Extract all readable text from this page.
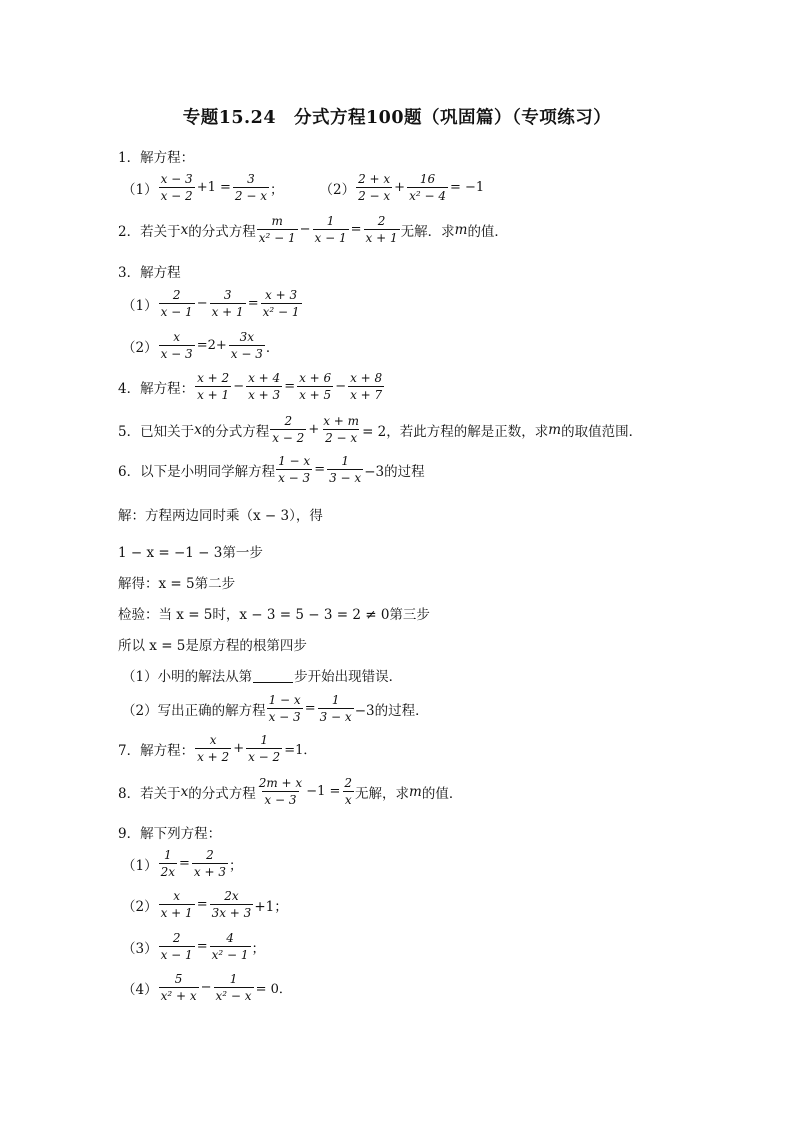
专题15.24　分式方程100题（巩固篇）（专项练习）
1．解方程：
$(1) \frac{x - 3}{x - 2} +1 = \frac{3}{2 - x}$ ；	$(2) \frac{2 + x}{2 - x} + \frac{16}{\text{x² − 4}} = -1$
2．若关于 x 的分式方程 $\frac{m}{\text{x² − 1}} - \frac{1}{x - 1} = \frac{2}{x + 1}$ 无解．求 m 的值．
3．解方程
$(1) \frac{2}{x - 1} - \frac{3}{x + 1} = \frac{x + 3}{\text{x² − 1}}$
$(2) \frac{x}{x - 3} =2+ \frac{3x}{x - 3}$ ．
4．解方程： $\frac{x + 2}{x + 1} - \frac{x + 4}{x + 3} = \frac{x + 6}{x + 5} - \frac{x + 8}{x + 7}$
5．已知关于 x 的分式方程 $\frac{2}{x - 2} + \frac{x + m}{2 - x} = 2$，若此方程的解是正数，求 m 的取值范围．
6．以下是小明同学解方程 $\frac{1 - x}{x - 3} = \frac{1}{3 - x} -3$的过程
解：方程两边同时乘（x − 3），得
1 − x = −1 − 3第一步
解得：x = 5第二步
检验：当 x = 5时，x − 3 = 5 − 3 = 2 ≠ 0第三步
所以 x = 5是原方程的根第四步
（1）小明的解法从第	步开始出现错误．
（2）写出正确的解方程 $\frac{1 - x}{x - 3} = \frac{1}{3 - x} -3$的过程．
7．解方程： $\frac{x}{x + 2} + \frac{1}{x - 2} =1$．
8．若关于 x 的分式方程 $\frac{2m + x}{x - 3} -1 = \frac{2}{x}$ 无解，求 m 的值．
9．解下列方程：
$(1) \frac{1}{2x} = \frac{2}{x + 3}$ ；
$(2) \frac{x}{x + 1} = \frac{2x}{3x + 3} +1$；
$(3) \frac{2}{x - 1} = \frac{4}{\text{x² − 1}}$ ；
$(4) \frac{5}{\text{x² + x}} - \frac{1}{\text{x² − x}} = 0$．
